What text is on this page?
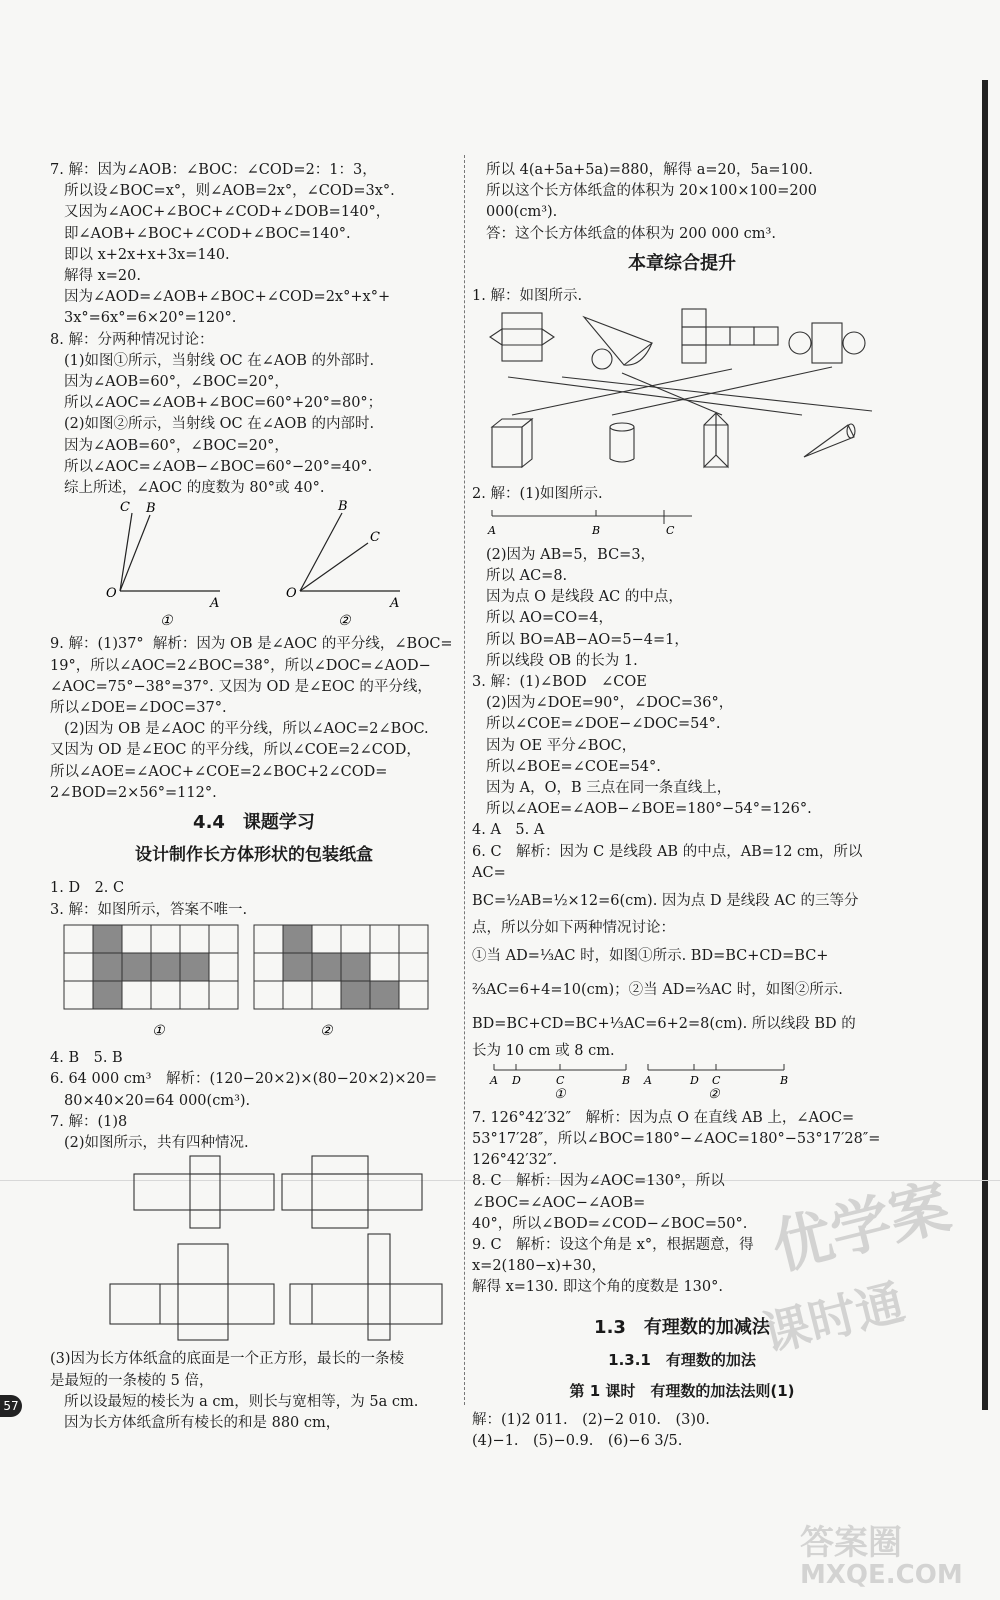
7. 解：因为∠AOB：∠BOC：∠COD=2：1：3，
所以设∠BOC=x°，则∠AOB=2x°，∠COD=3x°.
又因为∠AOC+∠BOC+∠COD+∠DOB=140°，
即∠AOB+∠BOC+∠COD+∠BOC=140°.
即以 x+2x+x+3x=140.
解得 x=20.
因为∠AOD=∠AOB+∠BOC+∠COD=2x°+x°+
3x°=6x°=6×20°=120°.
8. 解：分两种情况讨论：
(1)如图①所示，当射线 OC 在∠AOB 的外部时.
因为∠AOB=60°，∠BOC=20°，
所以∠AOC=∠AOB+∠BOC=60°+20°=80°；
(2)如图②所示，当射线 OC 在∠AOB 的内部时.
因为∠AOB=60°，∠BOC=20°，
所以∠AOC=∠AOB−∠BOC=60°−20°=40°.
综上所述，∠AOC 的度数为 80°或 40°.
O
A
C B
①
O
A
B
C
②
9. 解：(1)37°  解析：因为 OB 是∠AOC 的平分线，∠BOC=
19°，所以∠AOC=2∠BOC=38°，所以∠DOC=∠AOD−
∠AOC=75°−38°=37°. 又因为 OD 是∠EOC 的平分线，
所以∠DOE=∠DOC=37°.
(2)因为 OB 是∠AOC 的平分线，所以∠AOC=2∠BOC.
又因为 OD 是∠EOC 的平分线，所以∠COE=2∠COD，
所以∠AOE=∠AOC+∠COE=2∠BOC+2∠COD=
2∠BOD=2×56°=112°.
4.4　课题学习
设计制作长方体形状的包装纸盒
1. D　2. C
3. 解：如图所示，答案不唯一.
①	②
4. B　5. B
6. 64 000 cm³　解析：(120−20×2)×(80−20×2)×20=
80×40×20=64 000(cm³).
7. 解：(1)8
(2)如图所示，共有四种情况.
(3)因为长方体纸盒的底面是一个正方形，最长的一条棱
是最短的一条棱的 5 倍，
所以设最短的棱长为 a cm，则长与宽相等，为 5a cm.
因为长方体纸盒所有棱长的和是 880 cm，
所以 4(a+5a+5a)=880，解得 a=20，5a=100.
所以这个长方体纸盒的体积为 20×100×100=200 000(cm³).
答：这个长方体纸盒的体积为 200 000 cm³.
本章综合提升
1. 解：如图所示.
2. 解：(1)如图所示.
A	B	C
(2)因为 AB=5，BC=3，
所以 AC=8.
因为点 O 是线段 AC 的中点，
所以 AO=CO=4，
所以 BO=AB−AO=5−4=1，
所以线段 OB 的长为 1.
3. 解：(1)∠BOD　∠COE
(2)因为∠DOE=90°，∠DOC=36°，
所以∠COE=∠DOE−∠DOC=54°.
因为 OE 平分∠BOC，
所以∠BOE=∠COE=54°.
因为 A，O，B 三点在同一条直线上，
所以∠AOE=∠AOB−∠BOE=180°−54°=126°.
4. A　5. A
6. C　解析：因为 C 是线段 AB 的中点，AB=12 cm，所以 AC=
BC=½AB=½×12=6(cm). 因为点 D 是线段 AC 的三等分
点，所以分如下两种情况讨论：
①当 AD=⅓AC 时，如图①所示. BD=BC+CD=BC+
⅔AC=6+4=10(cm)；②当 AD=⅔AC 时，如图②所示.
BD=BC+CD=BC+⅓AC=6+2=8(cm). 所以线段 BD 的
长为 10 cm 或 8 cm.
A D	C	B
①
A	D C	B
②
7. 126°42′32″　解析：因为点 O 在直线 AB 上，∠AOC=
53°17′28″，所以∠BOC=180°−∠AOC=180°−53°17′28″=
126°42′32″.
8. C　解析：因为∠AOC=130°，所以∠BOC=∠AOC−∠AOB=
40°，所以∠BOD=∠COD−∠BOC=50°.
9. C　解析：设这个角是 x°，根据题意，得 x=2(180−x)+30，
解得 x=130. 即这个角的度数是 130°.
1.3　有理数的加减法
1.3.1　有理数的加法
第 1 课时　有理数的加法法则(1)
解：(1)2 011.　(2)−2 010.　(3)0.
(4)−1.　(5)−0.9.　(6)−6 3/5.
57
优学案
课时通
答案圈
MXQE.COM
